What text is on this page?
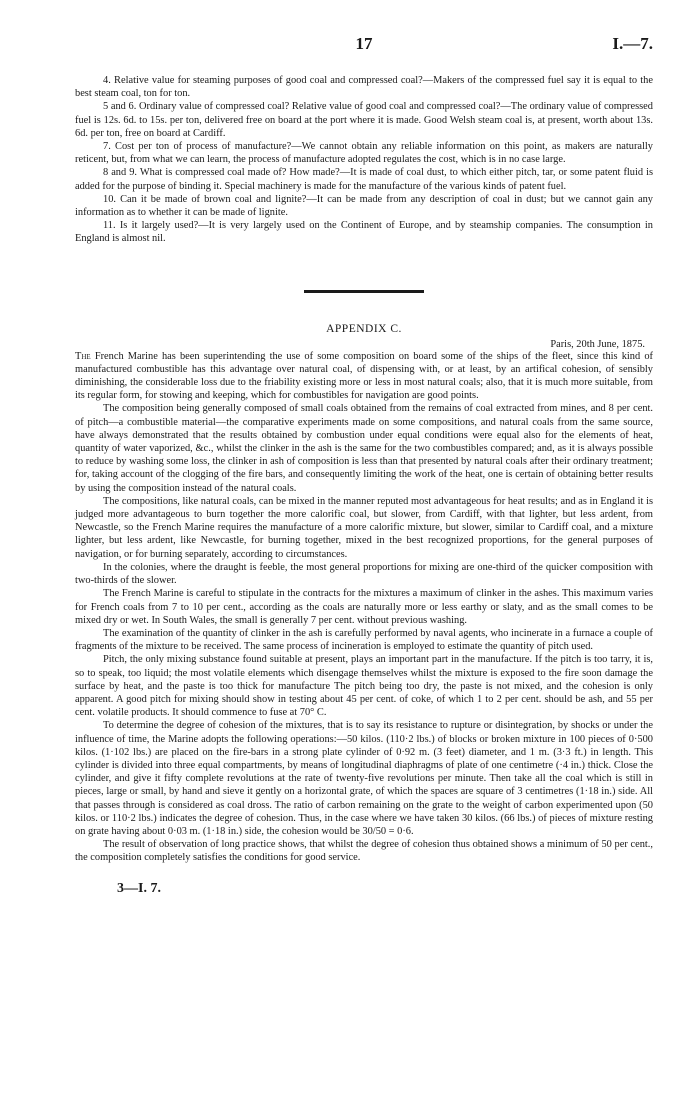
17	I.—7.

4. Relative value for steaming purposes of good coal and compressed coal?—Makers of the compressed fuel say it is equal to the best steam coal, ton for ton.

5 and 6. Ordinary value of compressed coal? Relative value of good coal and compressed coal?—The ordinary value of compressed fuel is 12s. 6d. to 15s. per ton, delivered free on board at the port where it is made. Good Welsh steam coal is, at present, worth about 13s. 6d. per ton, free on board at Cardiff.

7. Cost per ton of process of manufacture?—We cannot obtain any reliable information on this point, as makers are naturally reticent, but, from what we can learn, the process of manufacture adopted regulates the cost, which is in no case large.

8 and 9. What is compressed coal made of? How made?—It is made of coal dust, to which either pitch, tar, or some patent fluid is added for the purpose of binding it. Special machinery is made for the manufacture of the various kinds of patent fuel.

10. Can it be made of brown coal and lignite?—It can be made from any description of coal in dust; but we cannot gain any information as to whether it can be made of lignite.

11. Is it largely used?—It is very largely used on the Continent of Europe, and by steamship companies. The consumption in England is almost nil.

APPENDIX C.
Paris, 20th June, 1875.

The French Marine has been superintending the use of some composition on board some of the ships of the fleet, since this kind of manufactured combustible has this advantage over natural coal, of dispensing with, or at least, by an artifical cohesion, of sensibly diminishing, the considerable loss due to the friability existing more or less in most natural coals; also, that it is much more suitable, from its regular form, for stowing and keeping, which for combustibles for navigation are good points.

The composition being generally composed of small coals obtained from the remains of coal extracted from mines, and 8 per cent. of pitch—a combustible material—the comparative experiments made on some compositions, and natural coals from the same source, have always demonstrated that the results obtained by combustion under equal conditions were equal also for the elements of heat, quantity of water vaporized, &c., whilst the clinker in the ash is the same for the two combustibles compared; and, as it is always possible to reduce by washing some loss, the clinker in ash of composition is less than that presented by natural coals after their ordinary treatment; for, taking account of the clogging of the fire bars, and consequently limiting the work of the heat, one is certain of obtaining better results by using the composition instead of the natural coals.

The compositions, like natural coals, can be mixed in the manner reputed most advantageous for heat results; and as in England it is judged more advantageous to burn together the more calorific coal, but slower, from Cardiff, with that lighter, but less ardent, from Newcastle, so the French Marine requires the manufacture of a more calorific mixture, but slower, similar to Cardiff coal, and a mixture lighter, but less ardent, like Newcastle, for burning together, mixed in the best recognized proportions, for the general purposes of navigation, or for burning separately, according to circumstances.

In the colonies, where the draught is feeble, the most general proportions for mixing are one-third of the quicker composition with two-thirds of the slower.

The French Marine is careful to stipulate in the contracts for the mixtures a maximum of clinker in the ashes. This maximum varies for French coals from 7 to 10 per cent., according as the coals are naturally more or less earthy or slaty, and as the small comes to be mixed dry or wet. In South Wales, the small is generally 7 per cent. without previous washing.

The examination of the quantity of clinker in the ash is carefully performed by naval agents, who incinerate in a furnace a couple of fragments of the mixture to be received. The same process of incineration is employed to estimate the quantity of pitch used.

Pitch, the only mixing substance found suitable at present, plays an important part in the manufacture. If the pitch is too tarry, it is, so to speak, too liquid; the most volatile elements which disengage themselves whilst the mixture is exposed to the fire soon damage the surface by heat, and the paste is too thick for manufacture The pitch being too dry, the paste is not mixed, and the cohesion is only apparent. A good pitch for mixing should show in testing about 45 per cent. of coke, of which 1 to 2 per cent. should be ash, and 55 per cent. volatile products. It should commence to fuse at 70° C.

To determine the degree of cohesion of the mixtures, that is to say its resistance to rupture or disintegration, by shocks or under the influence of time, the Marine adopts the following operations:—50 kilos. (110·2 lbs.) of blocks or broken mixture in 100 pieces of 0·500 kilos. (1·102 lbs.) are placed on the fire-bars in a strong plate cylinder of 0·92 m. (3 feet) diameter, and 1 m. (3·3 ft.) in length. This cylinder is divided into three equal compartments, by means of longitudinal diaphragms of plate of one centimetre (·4 in.) thick. Close the cylinder, and give it fifty complete revolutions at the rate of twenty-five revolutions per minute. Then take all the coal which is still in pieces, large or small, by hand and sieve it gently on a horizontal grate, of which the spaces are square of 3 centimetres (1·18 in.) side. All that passes through is considered as coal dross. The ratio of carbon remaining on the grate to the weight of carbon experimented upon (50 kilos. or 110·2 lbs.) indicates the degree of cohesion. Thus, in the case where we have taken 30 kilos. (66 lbs.) of pieces of mixture resting on grate having about 0·03 m. (1·18 in.) side, the cohesion would be 30/50 = 0·6.

The result of observation of long practice shows, that whilst the degree of cohesion thus obtained shows a minimum of 50 per cent., the composition completely satisfies the conditions for good service.

3—I. 7.
